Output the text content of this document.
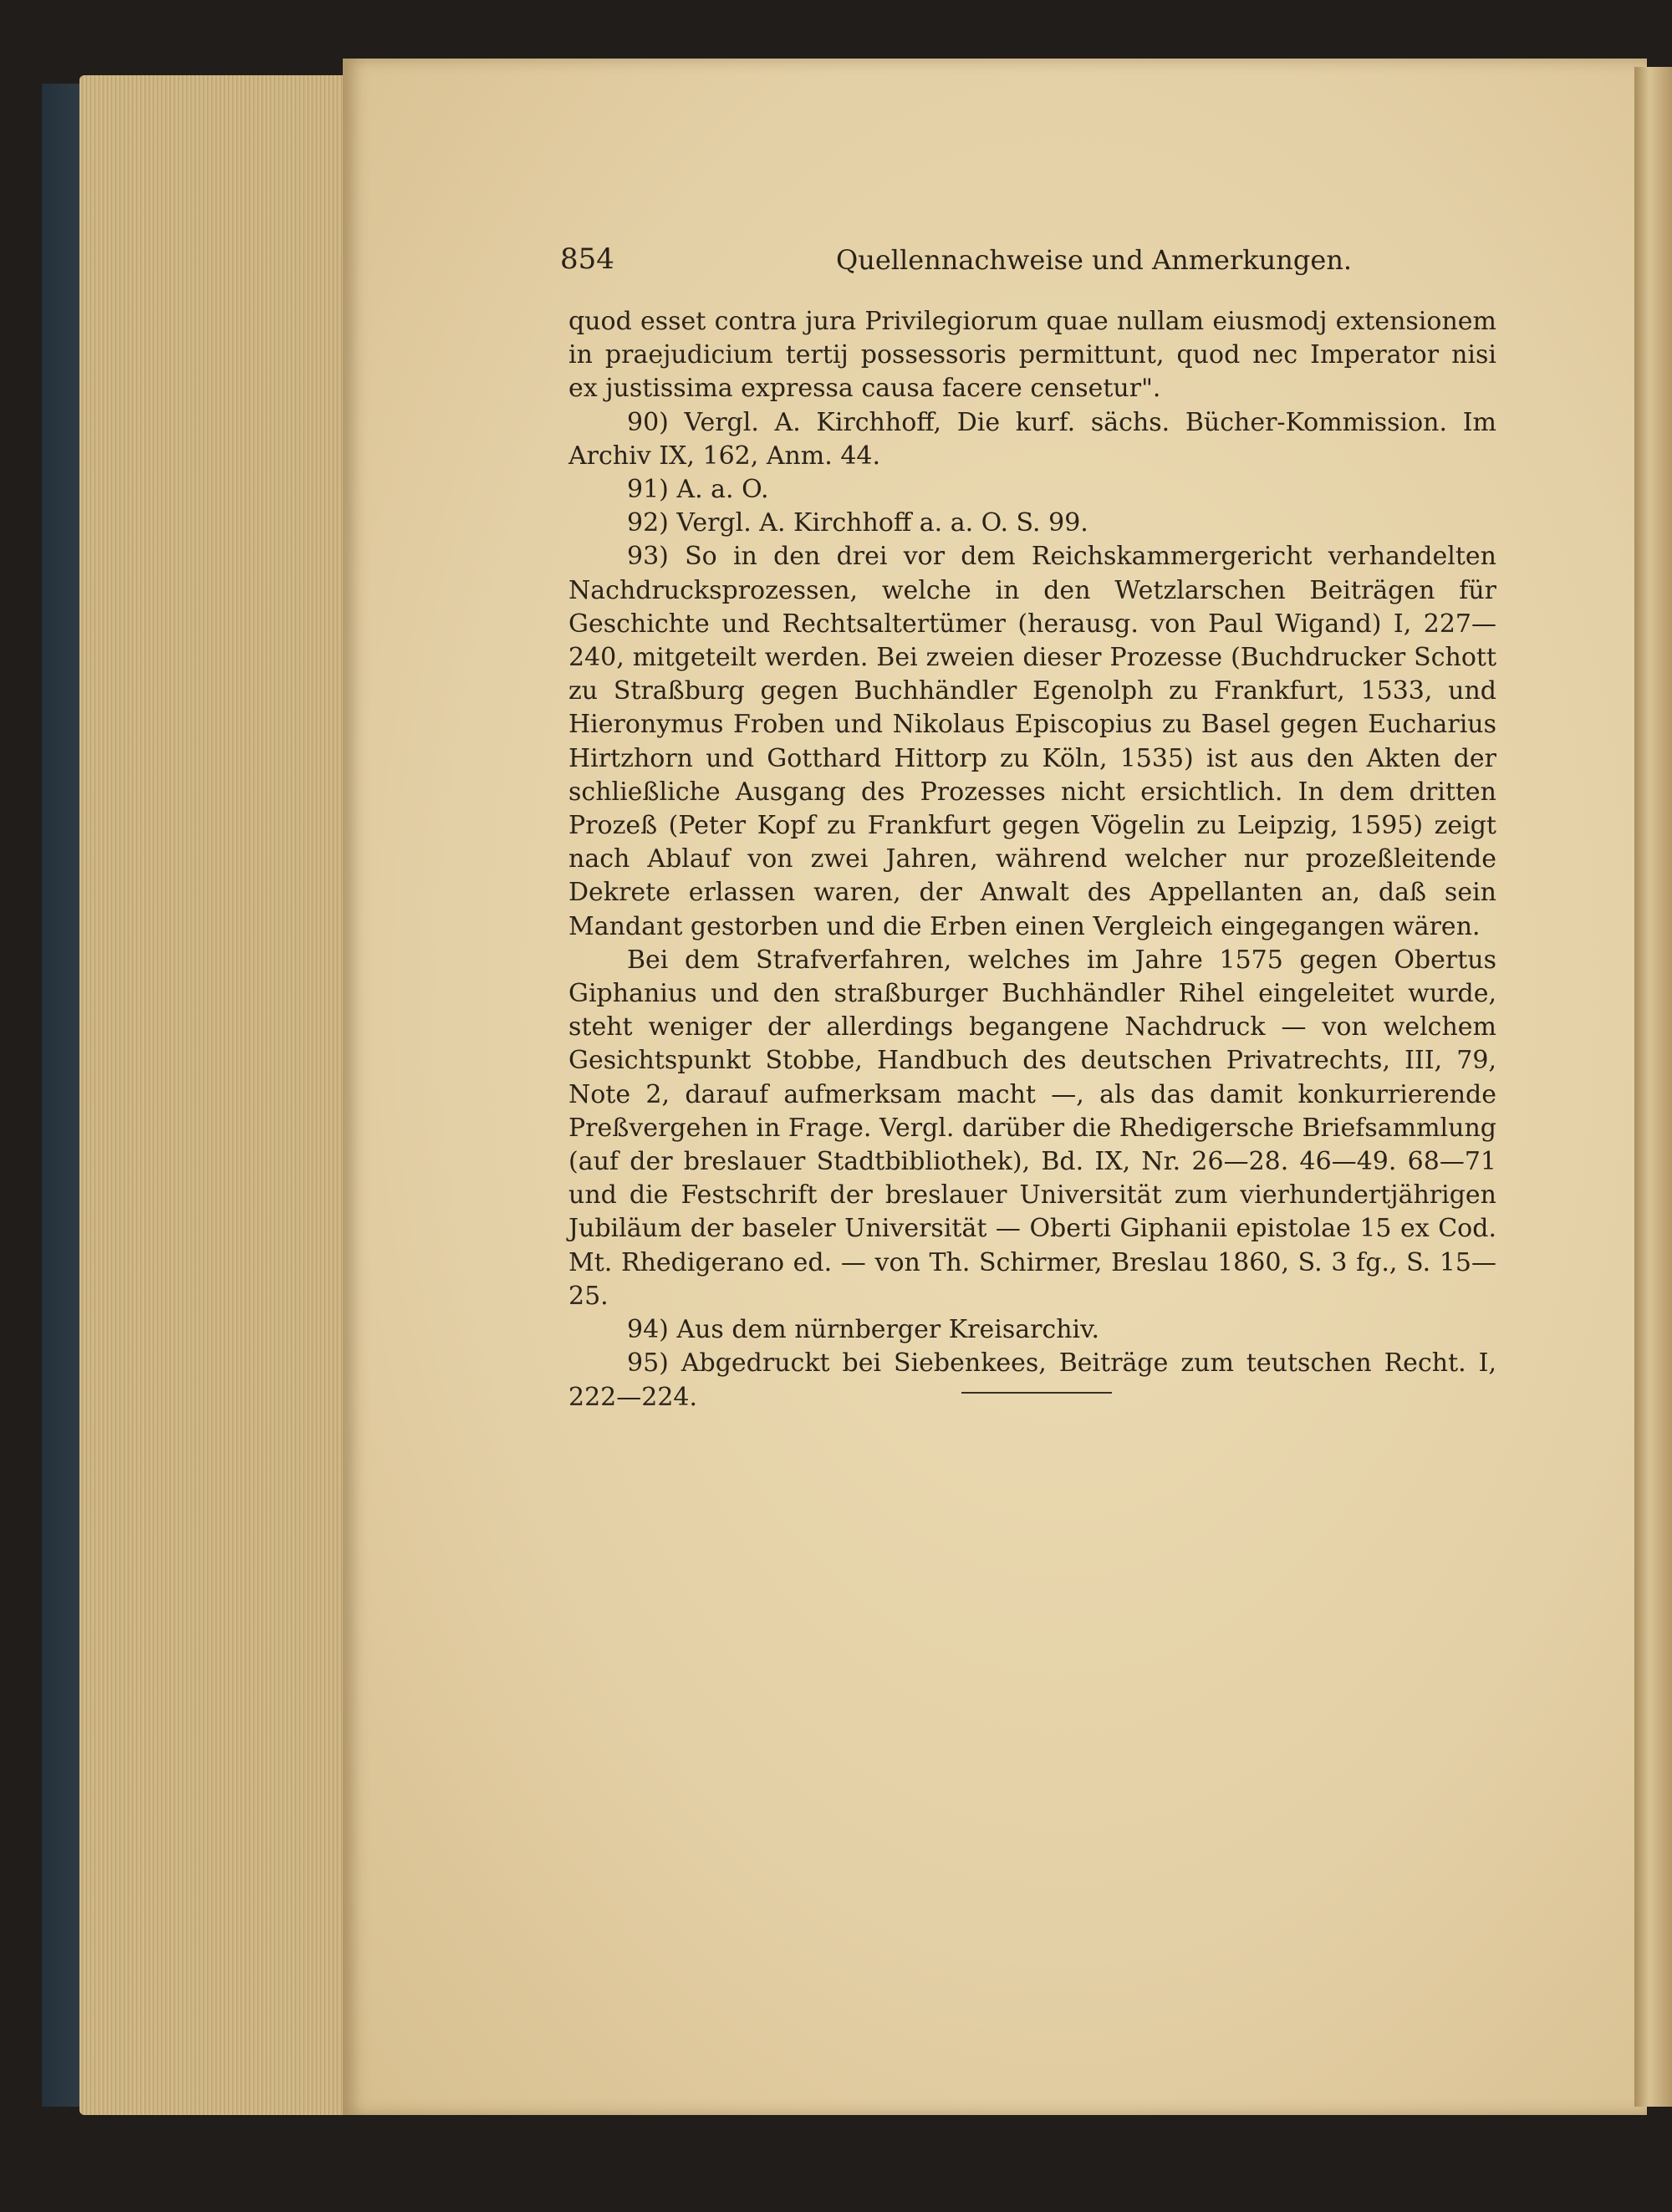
854	Quellennachweise und Anmerkungen.

quod esset contra jura Privilegiorum quae nullam eiusmodj extensionem in praejudicium tertij possessoris permittunt, quod nec Imperator nisi ex justissima expressa causa facere censetur".

90) Vergl. A. Kirchhoff, Die kurf. sächs. Bücher-Kommission. Im Archiv IX, 162, Anm. 44.

91) A. a. O.

92) Vergl. A. Kirchhoff a. a. O. S. 99.

93) So in den drei vor dem Reichskammergericht verhandelten Nachdrucksprozessen, welche in den Wetzlarschen Beiträgen für Geschichte und Rechtsaltertümer (herausg. von Paul Wigand) I, 227—240, mitgeteilt werden. Bei zweien dieser Prozesse (Buchdrucker Schott zu Straßburg gegen Buchhändler Egenolph zu Frankfurt, 1533, und Hieronymus Froben und Nikolaus Episcopius zu Basel gegen Eucharius Hirtzhorn und Gotthard Hittorp zu Köln, 1535) ist aus den Akten der schließliche Ausgang des Prozesses nicht ersichtlich. In dem dritten Prozeß (Peter Kopf zu Frankfurt gegen Vögelin zu Leipzig, 1595) zeigt nach Ablauf von zwei Jahren, während welcher nur prozeßleitende Dekrete erlassen waren, der Anwalt des Appellanten an, daß sein Mandant gestorben und die Erben einen Vergleich eingegangen wären.

Bei dem Strafverfahren, welches im Jahre 1575 gegen Obertus Giphanius und den straßburger Buchhändler Rihel eingeleitet wurde, steht weniger der allerdings begangene Nachdruck — von welchem Gesichtspunkt Stobbe, Handbuch des deutschen Privatrechts, III, 79, Note 2, darauf aufmerksam macht —, als das damit konkurrierende Preßvergehen in Frage. Vergl. darüber die Rhedigersche Briefsammlung (auf der breslauer Stadtbibliothek), Bd. IX, Nr. 26—28. 46—49. 68—71 und die Festschrift der breslauer Universität zum vierhundertjährigen Jubiläum der baseler Universität — Oberti Giphanii epistolae 15 ex Cod. Mt. Rhedigerano ed. — von Th. Schirmer, Breslau 1860, S. 3 fg., S. 15—25.

94) Aus dem nürnberger Kreisarchiv.

95) Abgedruckt bei Siebenkees, Beiträge zum teutschen Recht. I, 222—224.
